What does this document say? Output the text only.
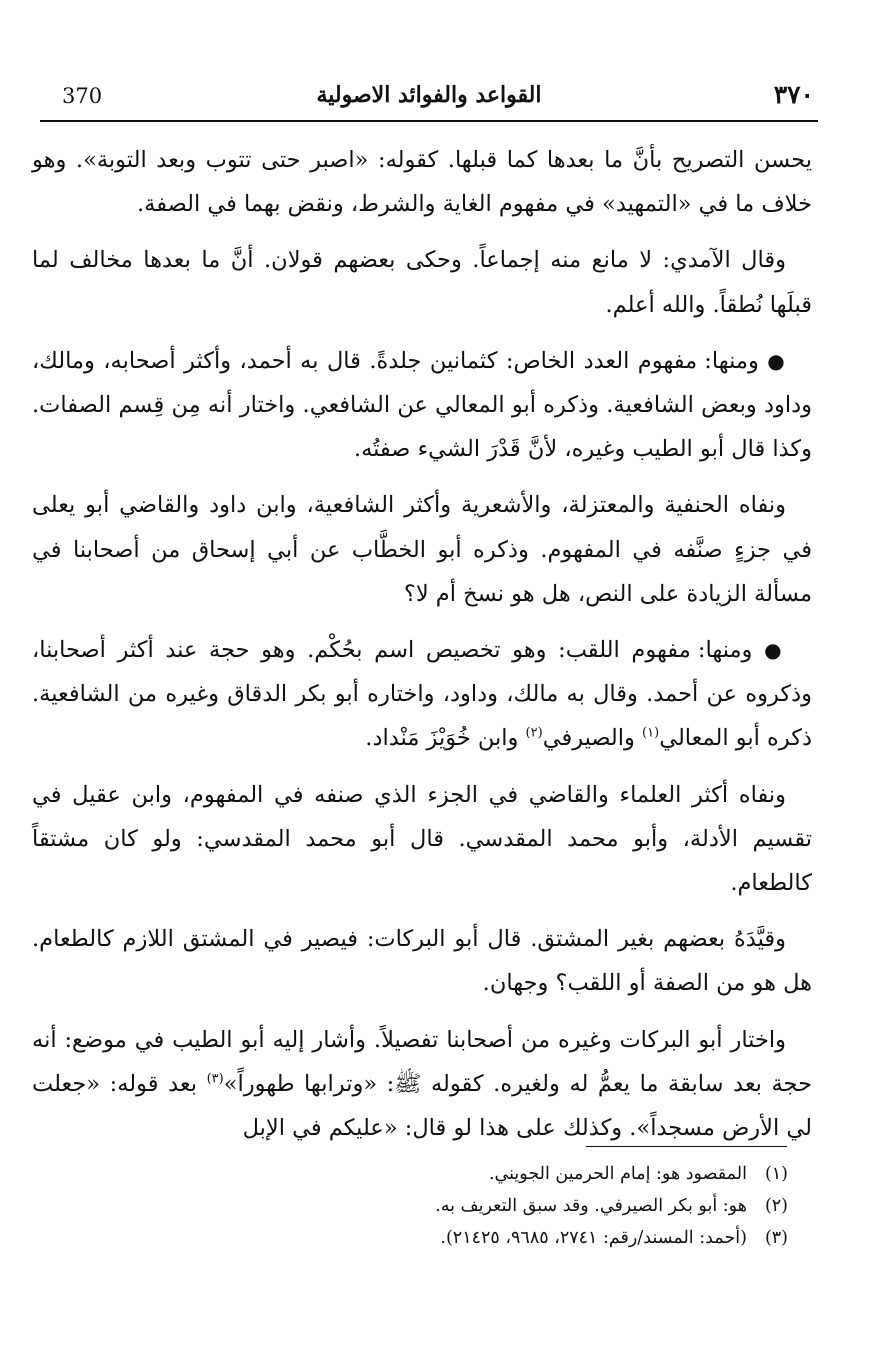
370	القواعد والفوائد الاصولية	٣٧٠

يحسن التصريح بأنَّ ما بعدها كما قبلها. كقوله: «اصبر حتى تتوب وبعد التوبة». وهو خلاف ما في «التمهيد» في مفهوم الغاية والشرط، ونقض بهما في الصفة.

وقال الآمدي: لا مانع منه إجماعاً. وحكى بعضهم قولان. أنَّ ما بعدها مخالف لما قبلَها نُطقاً. والله أعلم.

● ومنها: مفهوم العدد الخاص: كثمانين جلدةً. قال به أحمد، وأكثر أصحابه، ومالك، وداود وبعض الشافعية. وذكره أبو المعالي عن الشافعي. واختار أنه مِن قِسم الصفات. وكذا قال أبو الطيب وغيره، لأنَّ قَدْرَ الشيء صفتُه.

ونفاه الحنفية والمعتزلة، والأشعرية وأكثر الشافعية، وابن داود والقاضي أبو يعلى في جزءٍ صنَّفه في المفهوم. وذكره أبو الخطَّاب عن أبي إسحاق من أصحابنا في مسألة الزيادة على النص، هل هو نسخ أم لا؟

● ومنها: مفهوم اللقب: وهو تخصيص اسم بحُكْم. وهو حجة عند أكثر أصحابنا، وذكروه عن أحمد. وقال به مالك، وداود، واختاره أبو بكر الدقاق وغيره من الشافعية. ذكره أبو المعالي$^{(١)}$ والصيرفي$^{(٢)}$ وابن خُوَيْزَ مَنْداد.

ونفاه أكثر العلماء والقاضي في الجزء الذي صنفه في المفهوم، وابن عقيل في تقسيم الأدلة، وأبو محمد المقدسي. قال أبو محمد المقدسي: ولو كان مشتقاً كالطعام.

وقيَّدَهُ بعضهم بغير المشتق. قال أبو البركات: فيصير في المشتق اللازم كالطعام. هل هو من الصفة أو اللقب؟ وجهان.

واختار أبو البركات وغيره من أصحابنا تفصيلاً. وأشار إليه أبو الطيب في موضع: أنه حجة بعد سابقة ما يعمُّ له ولغيره. كقوله ﷺ: «وترابها طهوراً»$^{(٣)}$ بعد قوله: «جعلت لي الأرض مسجداً». وكذلك على هذا لو قال: «عليكم في الإبل

(١)
المقصود هو: إمام الحرمين الجويني.
(٢)
هو: أبو بكر الصيرفي. وقد سبق التعريف به.
(٣)
(أحمد: المسند/رقم: ٢٧٤١، ٩٦٨٥، ٢١٤٢٥).
